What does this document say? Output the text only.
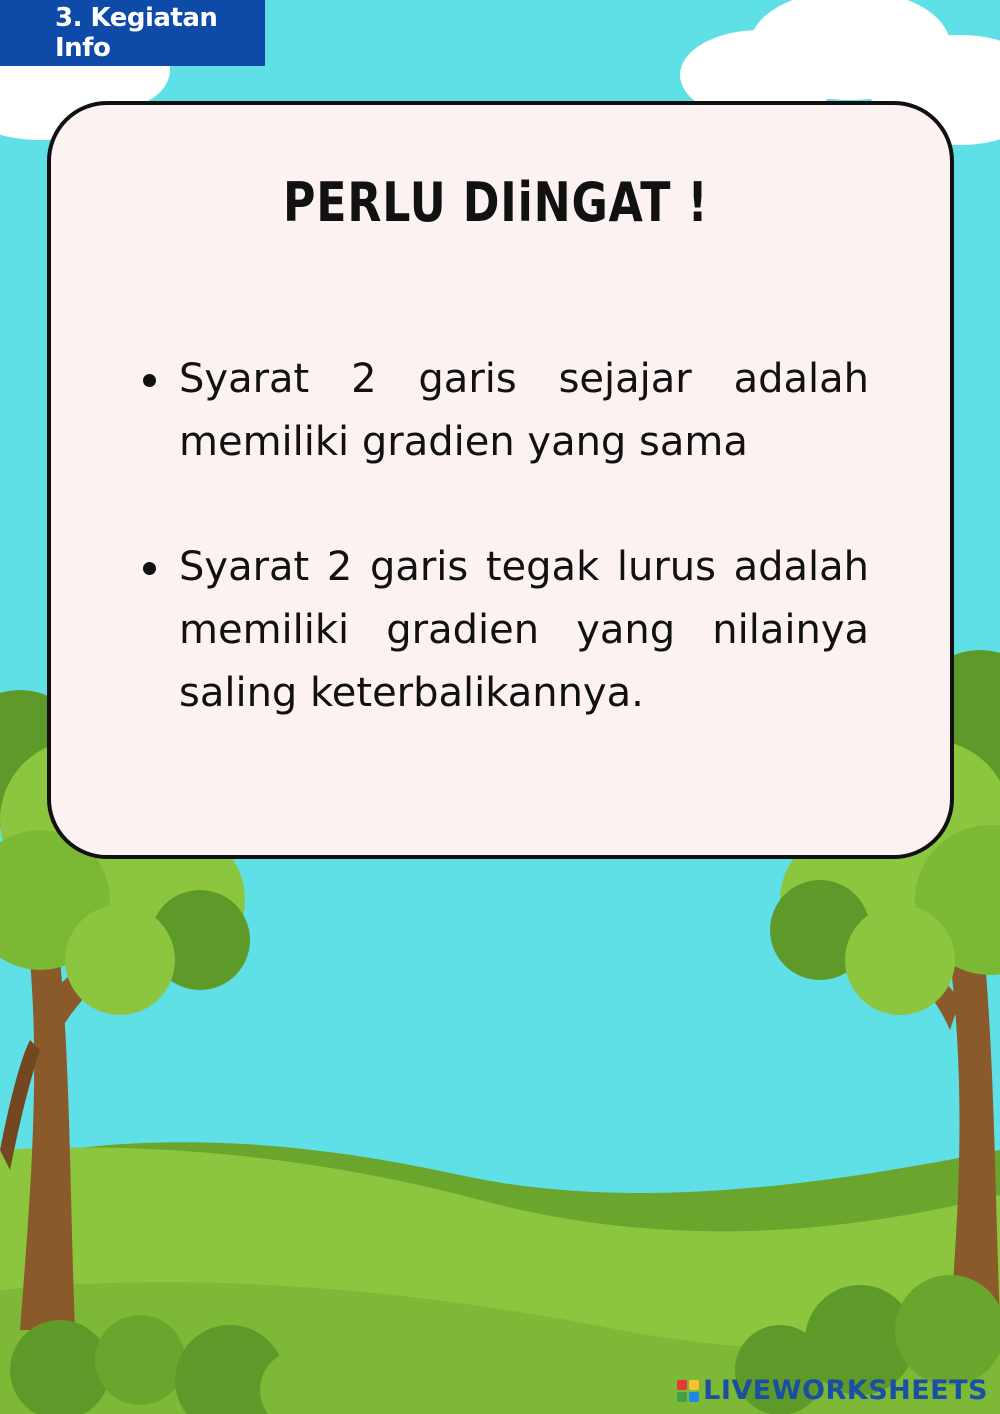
3. Kegiatan Info
PERLU DIiNGAT !
Syarat 2 garis sejajar adalah memiliki gradien yang sama
Syarat 2 garis tegak lurus adalah memiliki gradien yang nilainya saling keterbalikannya.
LIVEWORKSHEETS
